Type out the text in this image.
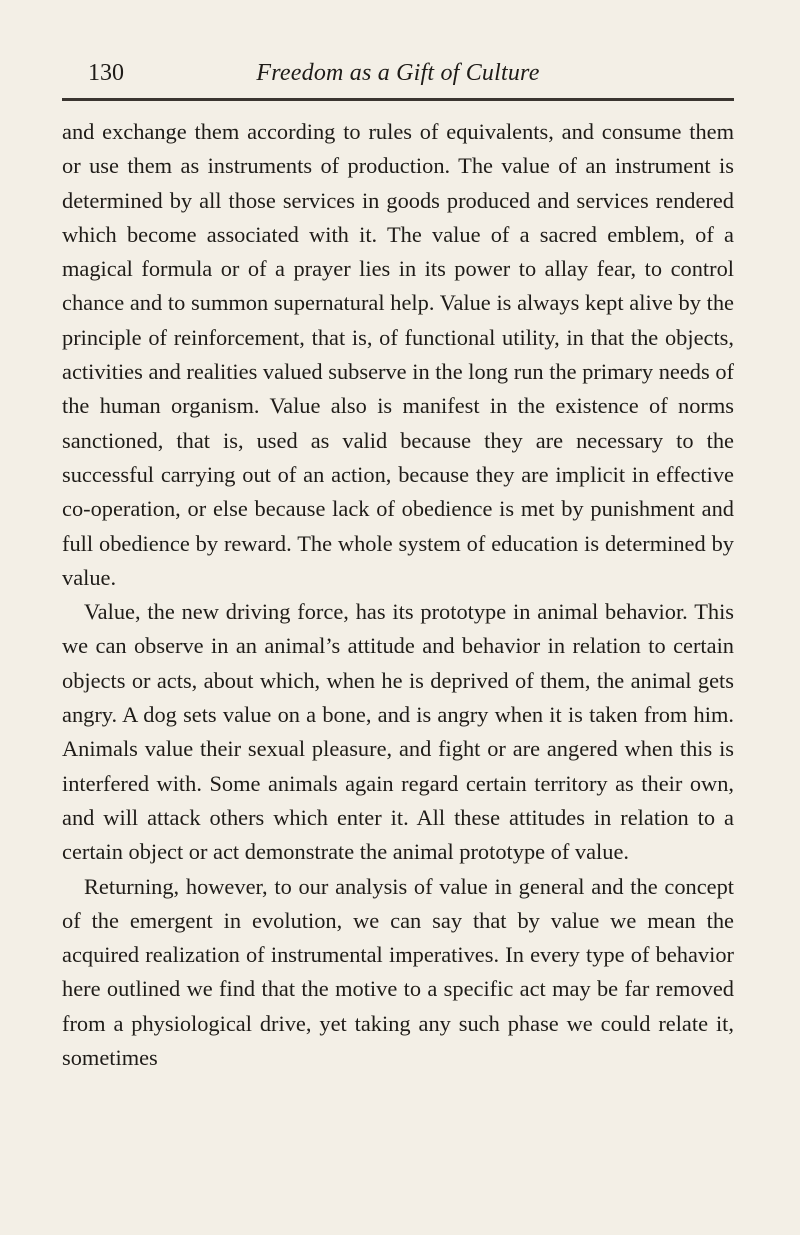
130	Freedom as a Gift of Culture

and exchange them according to rules of equivalents, and consume them or use them as instruments of production. The value of an instrument is determined by all those services in goods produced and services rendered which become associated with it. The value of a sacred emblem, of a magical formula or of a prayer lies in its power to allay fear, to control chance and to summon supernatural help. Value is always kept alive by the principle of reinforcement, that is, of functional utility, in that the objects, activities and realities valued subserve in the long run the primary needs of the human organism. Value also is manifest in the existence of norms sanctioned, that is, used as valid because they are necessary to the successful carrying out of an action, because they are implicit in effective co-operation, or else because lack of obedience is met by punishment and full obedience by reward. The whole system of education is determined by value.

Value, the new driving force, has its prototype in animal behavior. This we can observe in an animal’s attitude and behavior in relation to certain objects or acts, about which, when he is deprived of them, the animal gets angry. A dog sets value on a bone, and is angry when it is taken from him. Animals value their sexual pleasure, and fight or are angered when this is interfered with. Some animals again regard certain territory as their own, and will attack others which enter it. All these attitudes in relation to a certain object or act demonstrate the animal prototype of value.

Returning, however, to our analysis of value in general and the concept of the emergent in evolution, we can say that by value we mean the acquired realization of instrumental imperatives. In every type of behavior here outlined we find that the motive to a specific act may be far removed from a physiological drive, yet taking any such phase we could relate it, sometimes
